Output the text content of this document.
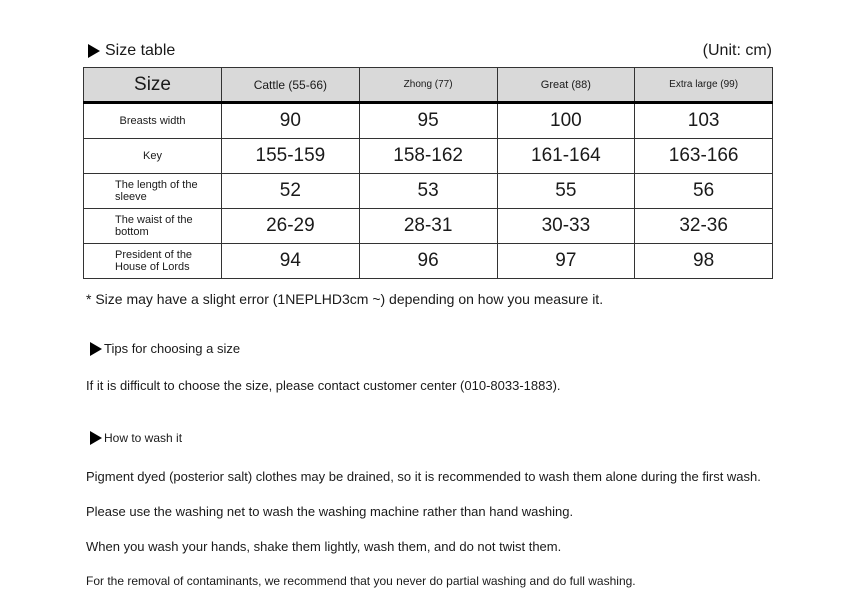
Size table	(Unit: cm)
Size	Cattle (55-66)	Zhong (77)	Great (88)	Extra large (99)
Breasts width	90	95	100	103
Key	155-159	158-162	161-164	163-166
The length of the sleeve	52	53	55	56
The waist of the bottom	26-29	28-31	30-33	32-36
President of the House of Lords	94	96	97	98
* Size may have a slight error (1NEPLHD3cm ~) depending on how you measure it.
Tips for choosing a size
If it is difficult to choose the size, please contact customer center (010-8033-1883).
How to wash it
Pigment dyed (posterior salt) clothes may be drained, so it is recommended to wash them alone during the first wash.
Please use the washing net to wash the washing machine rather than hand washing.
When you wash your hands, shake them lightly, wash them, and do not twist them.
For the removal of contaminants, we recommend that you never do partial washing and do full washing.
